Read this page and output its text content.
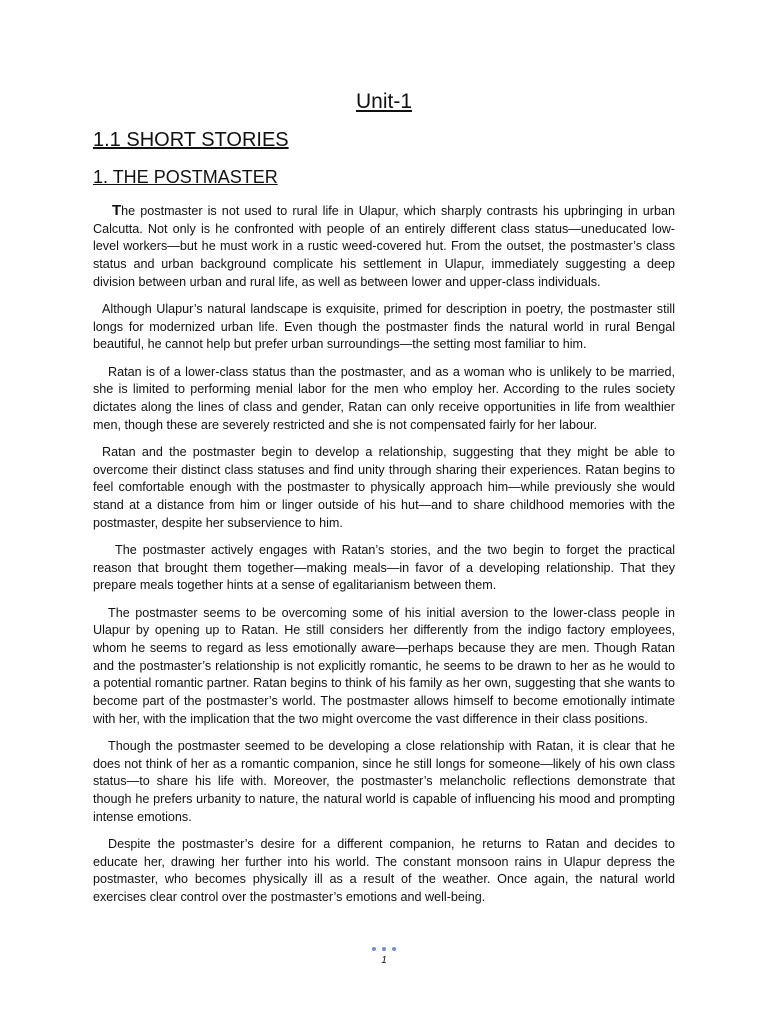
Unit-1
1.1 SHORT STORIES
1. THE POSTMASTER

The postmaster is not used to rural life in Ulapur, which sharply contrasts his upbringing in urban Calcutta. Not only is he confronted with people of an entirely different class status—uneducated low-level workers—but he must work in a rustic weed-covered hut. From the outset, the postmaster’s class status and urban background complicate his settlement in Ulapur, immediately suggesting a deep division between urban and rural life, as well as between lower and upper-class individuals.

Although Ulapur’s natural landscape is exquisite, primed for description in poetry, the postmaster still longs for modernized urban life. Even though the postmaster finds the natural world in rural Bengal beautiful, he cannot help but prefer urban surroundings—the setting most familiar to him.

Ratan is of a lower-class status than the postmaster, and as a woman who is unlikely to be married, she is limited to performing menial labor for the men who employ her. According to the rules society dictates along the lines of class and gender, Ratan can only receive opportunities in life from wealthier men, though these are severely restricted and she is not compensated fairly for her labour.

Ratan and the postmaster begin to develop a relationship, suggesting that they might be able to overcome their distinct class statuses and find unity through sharing their experiences. Ratan begins to feel comfortable enough with the postmaster to physically approach him—while previously she would stand at a distance from him or linger outside of his hut—and to share childhood memories with the postmaster, despite her subservience to him.

The postmaster actively engages with Ratan’s stories, and the two begin to forget the practical reason that brought them together—making meals—in favor of a developing relationship. That they prepare meals together hints at a sense of egalitarianism between them.

The postmaster seems to be overcoming some of his initial aversion to the lower-class people in Ulapur by opening up to Ratan. He still considers her differently from the indigo factory employees, whom he seems to regard as less emotionally aware—perhaps because they are men. Though Ratan and the postmaster’s relationship is not explicitly romantic, he seems to be drawn to her as he would to a potential romantic partner. Ratan begins to think of his family as her own, suggesting that she wants to become part of the postmaster’s world. The postmaster allows himself to become emotionally intimate with her, with the implication that the two might overcome the vast difference in their class positions.

Though the postmaster seemed to be developing a close relationship with Ratan, it is clear that he does not think of her as a romantic companion, since he still longs for someone—likely of his own class status—to share his life with. Moreover, the postmaster’s melancholic reflections demonstrate that though he prefers urbanity to nature, the natural world is capable of influencing his mood and prompting intense emotions.

Despite the postmaster’s desire for a different companion, he returns to Ratan and decides to educate her, drawing her further into his world. The constant monsoon rains in Ulapur depress the postmaster, who becomes physically ill as a result of the weather. Once again, the natural world exercises clear control over the postmaster’s emotions and well-being.

1
